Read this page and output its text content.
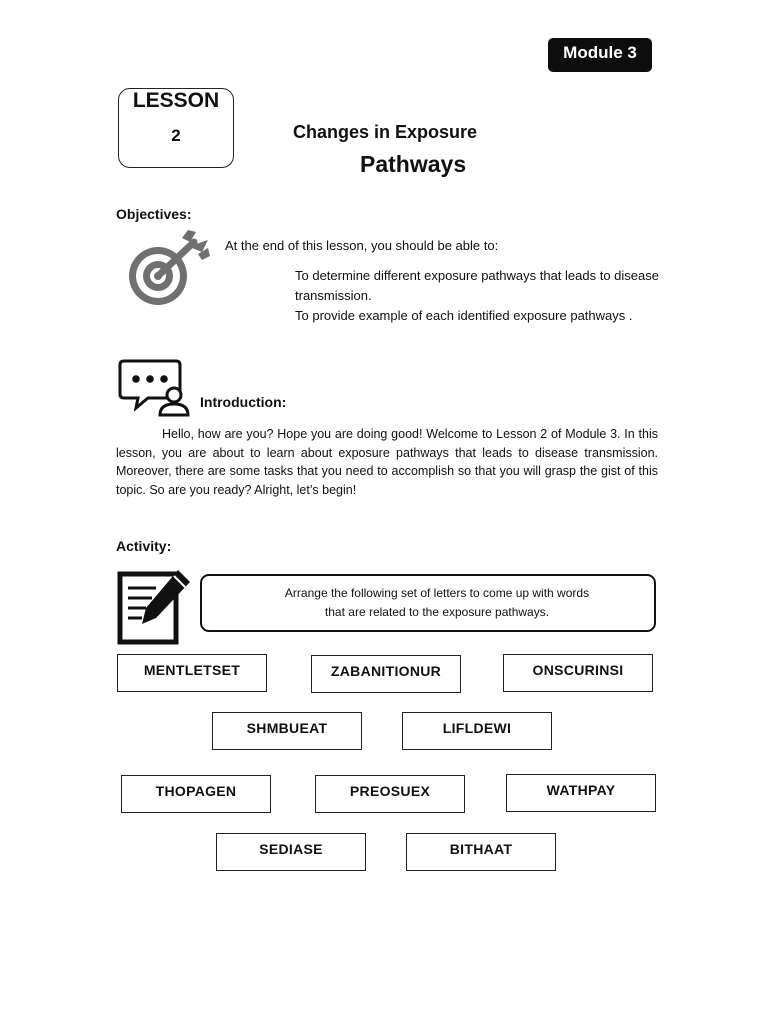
Module 3
LESSON
2	Changes in Exposure
Pathways
Objectives:
At the end of this lesson, you should be able to:
To determine different exposure pathways that leads to disease transmission.
To provide example of each identified exposure pathways .
Introduction:
Hello, how are you? Hope you are doing good! Welcome to Lesson 2 of Module 3. In this lesson, you are about to learn about exposure pathways that leads to disease transmission. Moreover, there are some tasks that you need to accomplish so that you will grasp the gist of this topic. So are you ready? Alright, let’s begin!
Activity:
Arrange the following set of letters to come up with words
that are related to the exposure pathways.
MENTLETSET	ZABANITIONUR	ONSCURINSI
SHMBUEAT	LIFLDEWI
THOPAGEN	PREOSUEX	WATHPAY
SEDIASE	BITHAAT
